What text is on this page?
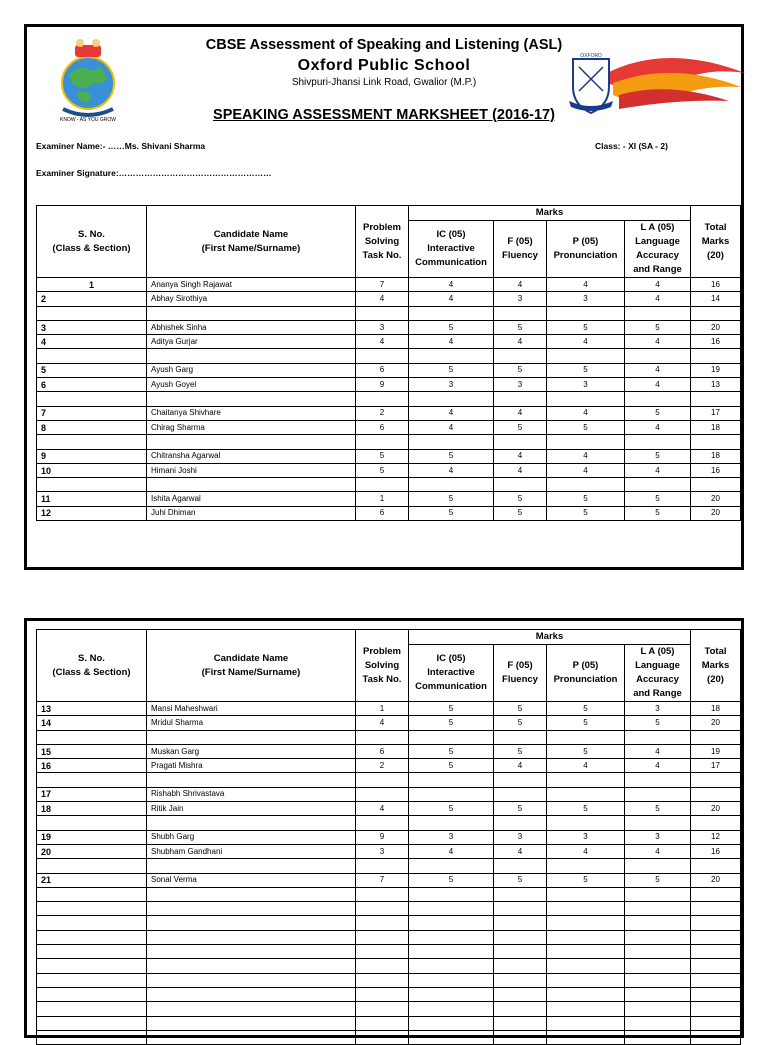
KNOW - AS YOU GROW
CBSE Assessment of Speaking and Listening (ASL)
Oxford Public School
Shivpuri-Jhansi Link Road, Gwalior (M.P.)
SPEAKING ASSESSMENT MARKSHEET (2016-17)
OXFORD
Examiner Name:- ……Ms. Shivani Sharma	Class: - XI (SA - 2)
Examiner Signature:………………………………………………
S. No.
(Class & Section)	Candidate Name
(First Name/Surname)	Problem
Solving
Task No.	Marks				Total
Marks
(20)
			IC (05)
Interactive
Communication	F (05)
Fluency	P (05)
Pronunciation	L A (05)
Language
Accuracy
and Range	
1	Ananya Singh Rajawat	7	4	4	4	4	16
2	Abhay Sirothiya	4	4	3	3	4	14

3	Abhishek Sinha	3	5	5	5	5	20
4	Aditya Gurjar	4	4	4	4	4	16

5	Ayush Garg	6	5	5	5	4	19
6	Ayush Goyel	9	3	3	3	4	13

7	Chaitanya Shivhare	2	4	4	4	5	17
8	Chirag Sharma	6	4	5	5	4	18

9	Chitransha Agarwal	5	5	4	4	5	18
10	Himani Joshi	5	4	4	4	4	16

11	Ishita Agarwal	1	5	5	5	5	20
12	Juhi Dhiman	6	5	5	5	5	20
S. No.
(Class & Section)	Candidate Name
(First Name/Surname)	Problem
Solving
Task No.	Marks				Total
Marks
(20)
			IC (05)
Interactive
Communication	F (05)
Fluency	P (05)
Pronunciation	L A (05)
Language
Accuracy
and Range	
13	Mansi Maheshwari	1	5	5	5	3	18
14	Mridul Sharma	4	5	5	5	5	20

15	Muskan Garg	6	5	5	5	4	19
16	Pragati Mishra	2	5	4	4	4	17

17	Rishabh Shrivastava						
18	Ritik Jain	4	5	5	5	5	20

19	Shubh Garg	9	3	3	3	3	12
20	Shubham Gandhani	3	4	4	4	4	16

21	Sonal Verma	7	5	5	5	5	20
